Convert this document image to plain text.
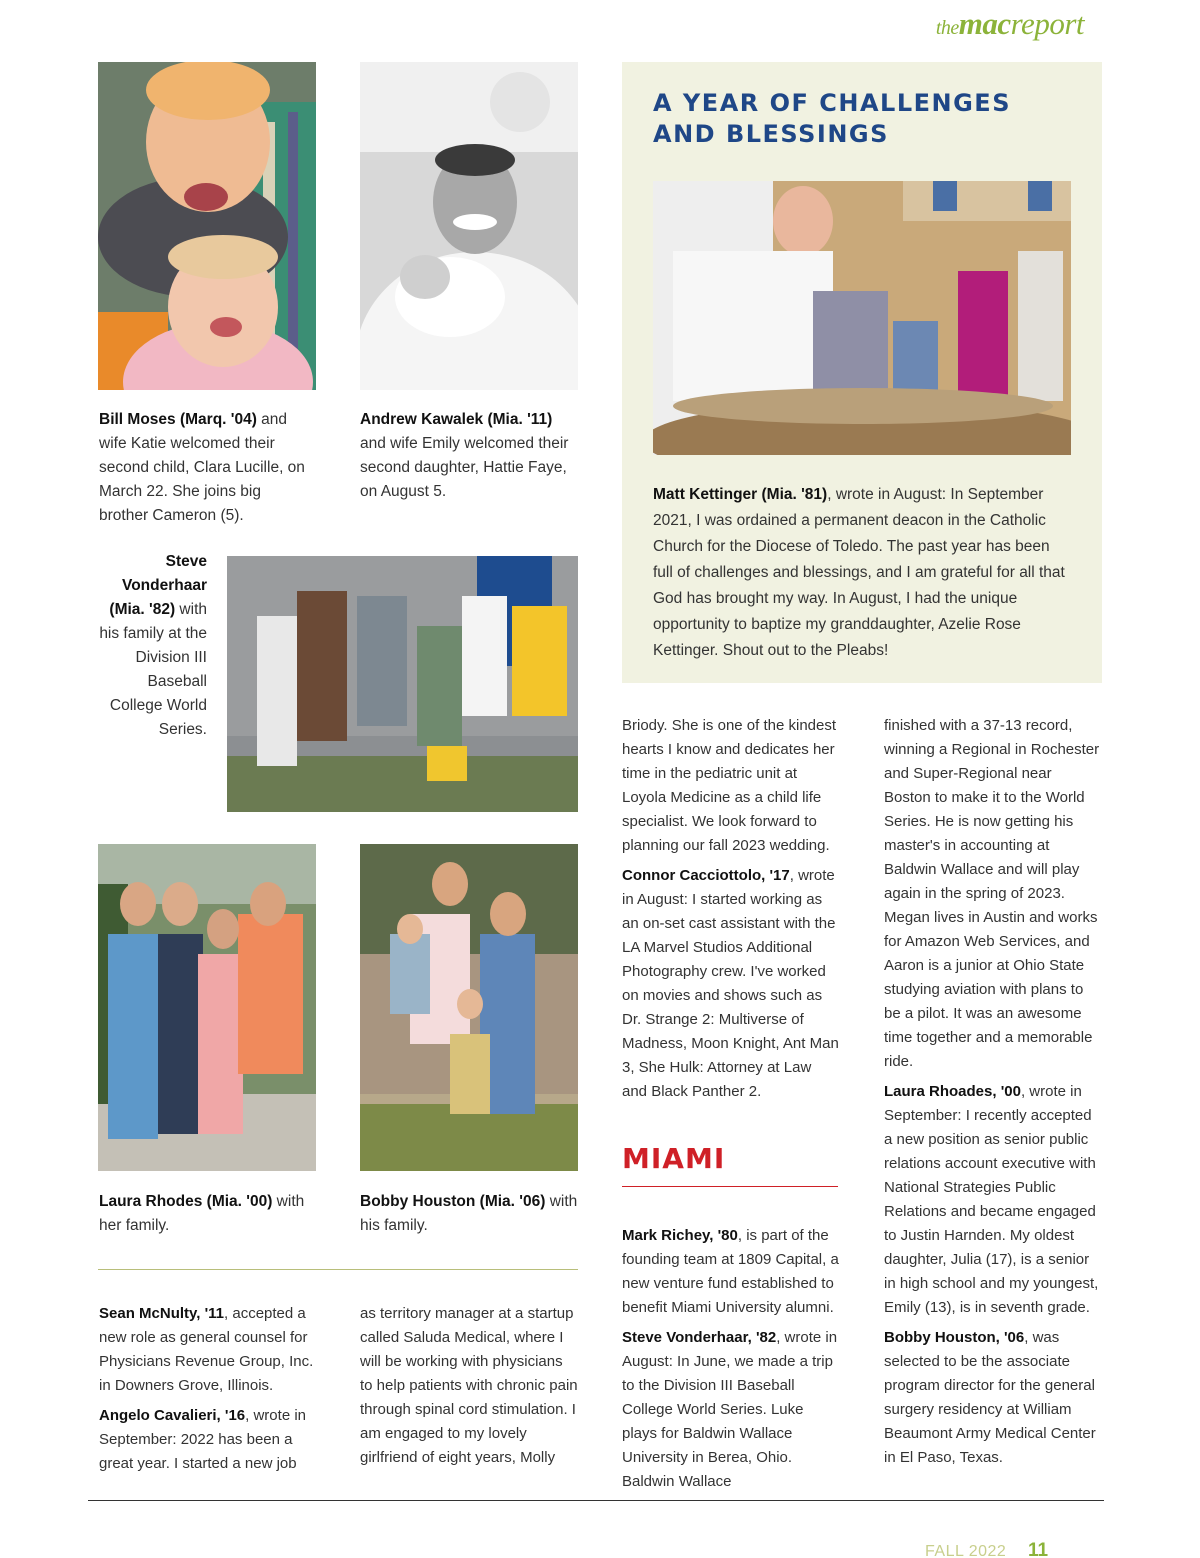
themacreport
Bill Moses (Marq. '04) and wife Katie welcomed their second child, Clara Lucille, on March 22. She joins big brother Cameron (5).
Andrew Kawalek (Mia. '11) and wife Emily welcomed their second daughter, Hattie Faye, on August 5.
Steve Vonderhaar (Mia. '82) with his family at the Division III Baseball College World Series.
A YEAR OF CHALLENGES AND BLESSINGS
Matt Kettinger (Mia. '81), wrote in August: In September 2021, I was ordained a permanent deacon in the Catholic Church for the Diocese of Toledo. The past year has been full of challenges and blessings, and I am grateful for all that God has brought my way. In August, I had the unique opportunity to baptize my granddaughter, Azelie Rose Kettinger. Shout out to the Pleabs!
Laura Rhodes (Mia. '00) with her family.
Bobby Houston (Mia. '06) with his family.

Sean McNulty, '11, accepted a new role as general counsel for Physicians Revenue Group, Inc. in Downers Grove, Illinois.

Angelo Cavalieri, '16, wrote in September: 2022 has been a great year. I started a new job

as territory manager at a startup called Saluda Medical, where I will be working with physicians to help patients with chronic pain through spinal cord stimulation. I am engaged to my lovely girlfriend of eight years, Molly

Briody. She is one of the kindest hearts I know and dedicates her time in the pediatric unit at Loyola Medicine as a child life specialist. We look forward to planning our fall 2023 wedding.

Connor Cacciottolo, '17, wrote in August: I started working as an on-set cast assistant with the LA Marvel Studios Additional Photography crew. I've worked on movies and shows such as Dr. Strange 2: Multiverse of Madness, Moon Knight, Ant Man 3, She Hulk: Attorney at Law and Black Panther 2.

MIAMI

Mark Richey, '80, is part of the founding team at 1809 Capital, a new venture fund established to benefit Miami University alumni.

Steve Vonderhaar, '82, wrote in August: In June, we made a trip to the Division III Baseball College World Series. Luke plays for Baldwin Wallace University in Berea, Ohio. Baldwin Wallace

finished with a 37-13 record, winning a Regional in Rochester and Super-Regional near Boston to make it to the World Series. He is now getting his master's in accounting at Baldwin Wallace and will play again in the spring of 2023. Megan lives in Austin and works for Amazon Web Services, and Aaron is a junior at Ohio State studying aviation with plans to be a pilot. It was an awesome time together and a memorable ride.

Laura Rhoades, '00, wrote in September: I recently accepted a new position as senior public relations account executive with National Strategies Public Relations and became engaged to Justin Harnden. My oldest daughter, Julia (17), is a senior in high school and my youngest, Emily (13), is in seventh grade.

Bobby Houston, '06, was selected to be the associate program director for the general surgery residency at William Beaumont Army Medical Center in El Paso, Texas.

FALL 2022 11
